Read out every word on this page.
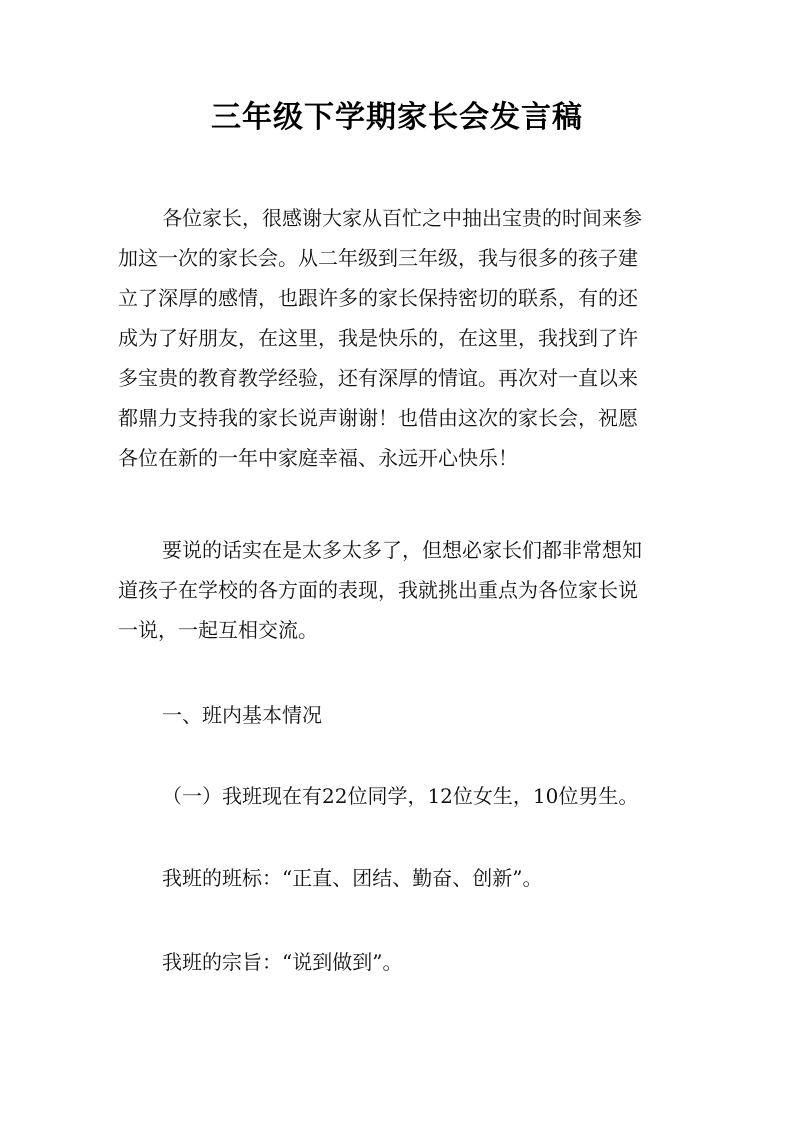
三年级下学期家长会发言稿

各位家长，很感谢大家从百忙之中抽出宝贵的时间来参
加这一次的家长会。从二年级到三年级，我与很多的孩子建
立了深厚的感情，也跟许多的家长保持密切的联系，有的还
成为了好朋友，在这里，我是快乐的，在这里，我找到了许
多宝贵的教育教学经验，还有深厚的情谊。再次对一直以来
都鼎力支持我的家长说声谢谢！也借由这次的家长会，祝愿
各位在新的一年中家庭幸福、永远开心快乐！

要说的话实在是太多太多了，但想必家长们都非常想知
道孩子在学校的各方面的表现，我就挑出重点为各位家长说
一说，一起互相交流。

一、班内基本情况

（一）我班现在有22位同学，12位女生，10位男生。

我班的班标：“正直、团结、勤奋、创新”。

我班的宗旨：“说到做到”。
